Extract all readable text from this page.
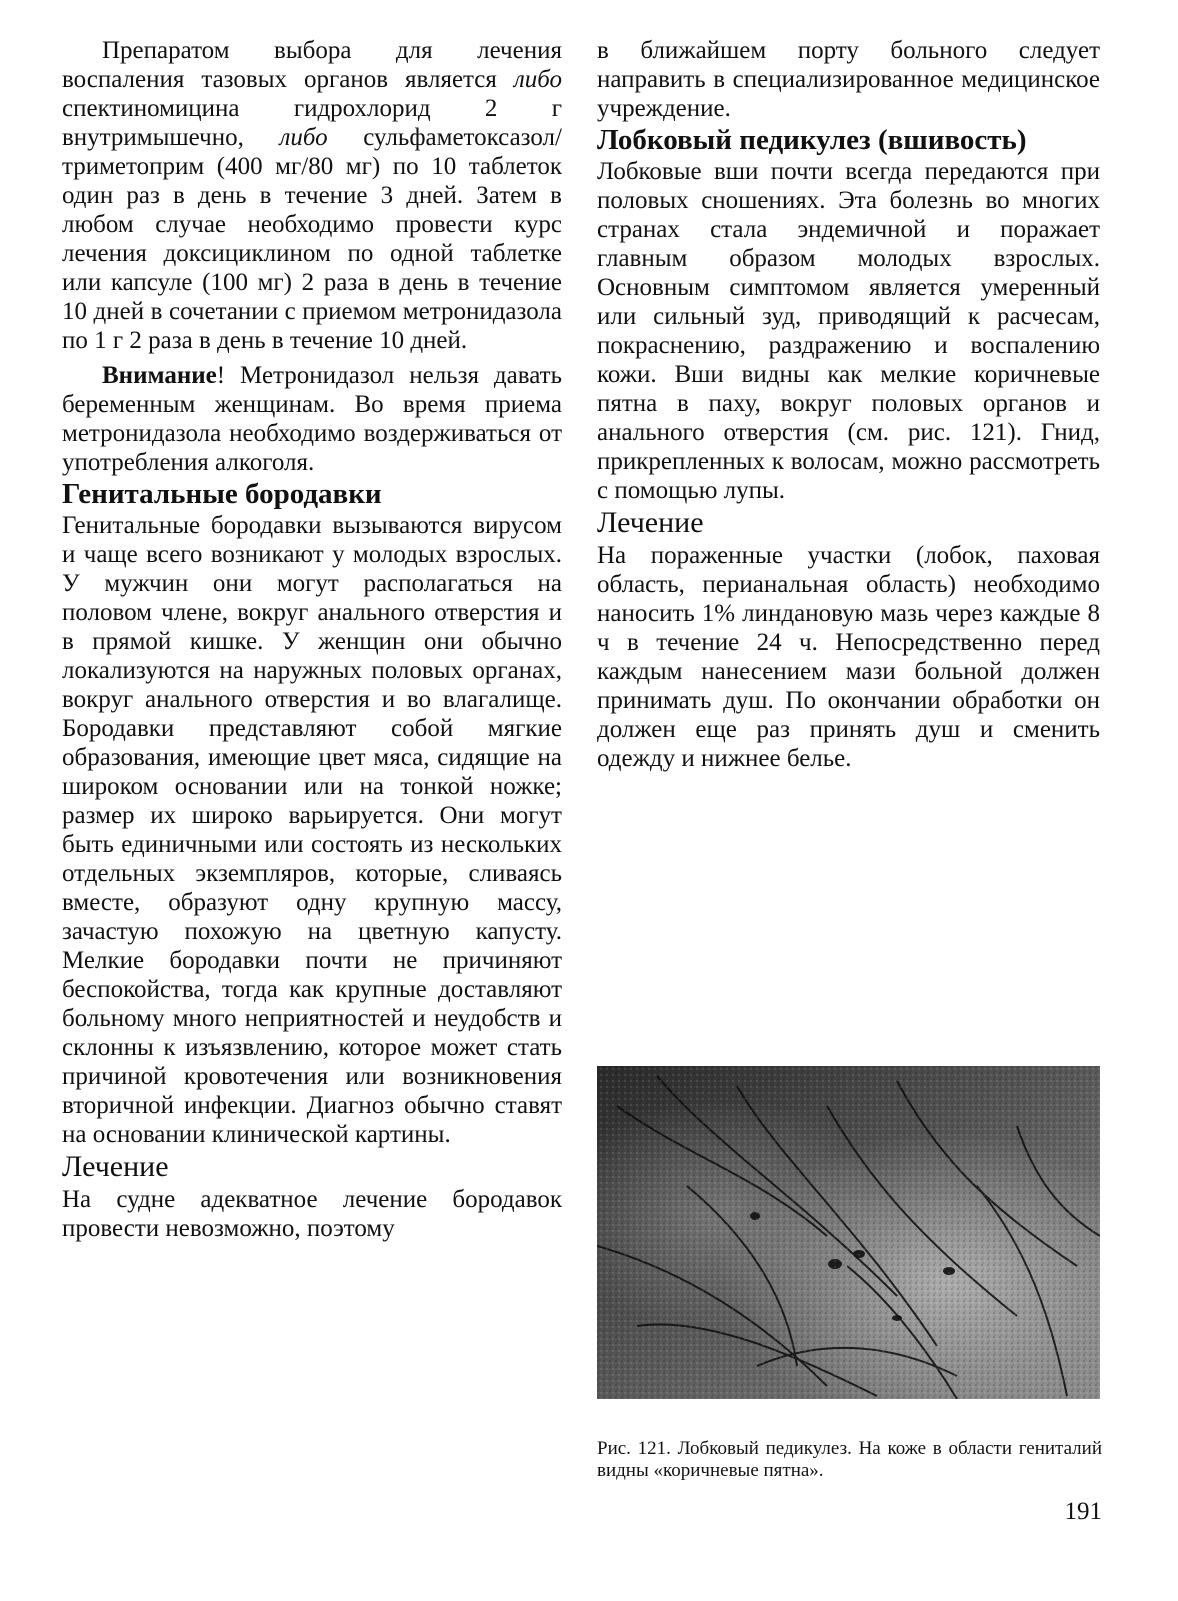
Препаратом выбора для лечения воспаления тазовых органов является либо спектиномицина гидрохлорид 2 г внутримышечно, либо сульфаметоксазол/триметоприм (400 мг/80 мг) по 10 таблеток один раз в день в течение 3 дней. Затем в любом случае необходимо провести курс лечения доксициклином по одной таблетке или капсуле (100 мг) 2 раза в день в течение 10 дней в сочетании с приемом метронидазола по 1 г 2 раза в день в течение 10 дней.

Внимание! Метронидазол нельзя давать беременным женщинам. Во время приема метронидазола необходимо воздерживаться от употребления алкоголя.

Генитальные бородавки

Генитальные бородавки вызываются вирусом и чаще всего возникают у молодых взрослых. У мужчин они могут располагаться на половом члене, вокруг анального отверстия и в прямой кишке. У женщин они обычно локализуются на наружных половых органах, вокруг анального отверстия и во влагалище. Бородавки представляют собой мягкие образования, имеющие цвет мяса, сидящие на широком основании или на тонкой ножке; размер их широко варьируется. Они могут быть единичными или состоять из нескольких отдельных экземпляров, которые, сливаясь вместе, образуют одну крупную массу, зачастую похожую на цветную капусту. Мелкие бородавки почти не причиняют беспокойства, тогда как крупные доставляют больному много неприятностей и неудобств и склонны к изъязвлению, которое может стать причиной кровотечения или возникновения вторичной инфекции. Диагноз обычно ставят на основании клинической картины.

Лечение

На судне адекватное лечение бородавок провести невозможно, поэтому

в ближайшем порту больного следует направить в специализированное медицинское учреждение.

Лобковый педикулез (вшивость)

Лобковые вши почти всегда передаются при половых сношениях. Эта болезнь во многих странах стала эндемичной и поражает главным образом молодых взрослых. Основным симптомом является умеренный или сильный зуд, приводящий к расчесам, покраснению, раздражению и воспалению кожи. Вши видны как мелкие коричневые пятна в паху, вокруг половых органов и анального отверстия (см. рис. 121). Гнид, прикрепленных к волосам, можно рассмотреть с помощью лупы.

Лечение

На пораженные участки (лобок, паховая область, перианальная область) необходимо наносить 1% линдановую мазь через каждые 8 ч в течение 24 ч. Непосредственно перед каждым нанесением мази больной должен принимать душ. По окончании обработки он должен еще раз принять душ и сменить одежду и нижнее белье.

Рис. 121. Лобковый педикулез. На коже в области гениталий видны «коричневые пятна».
191
